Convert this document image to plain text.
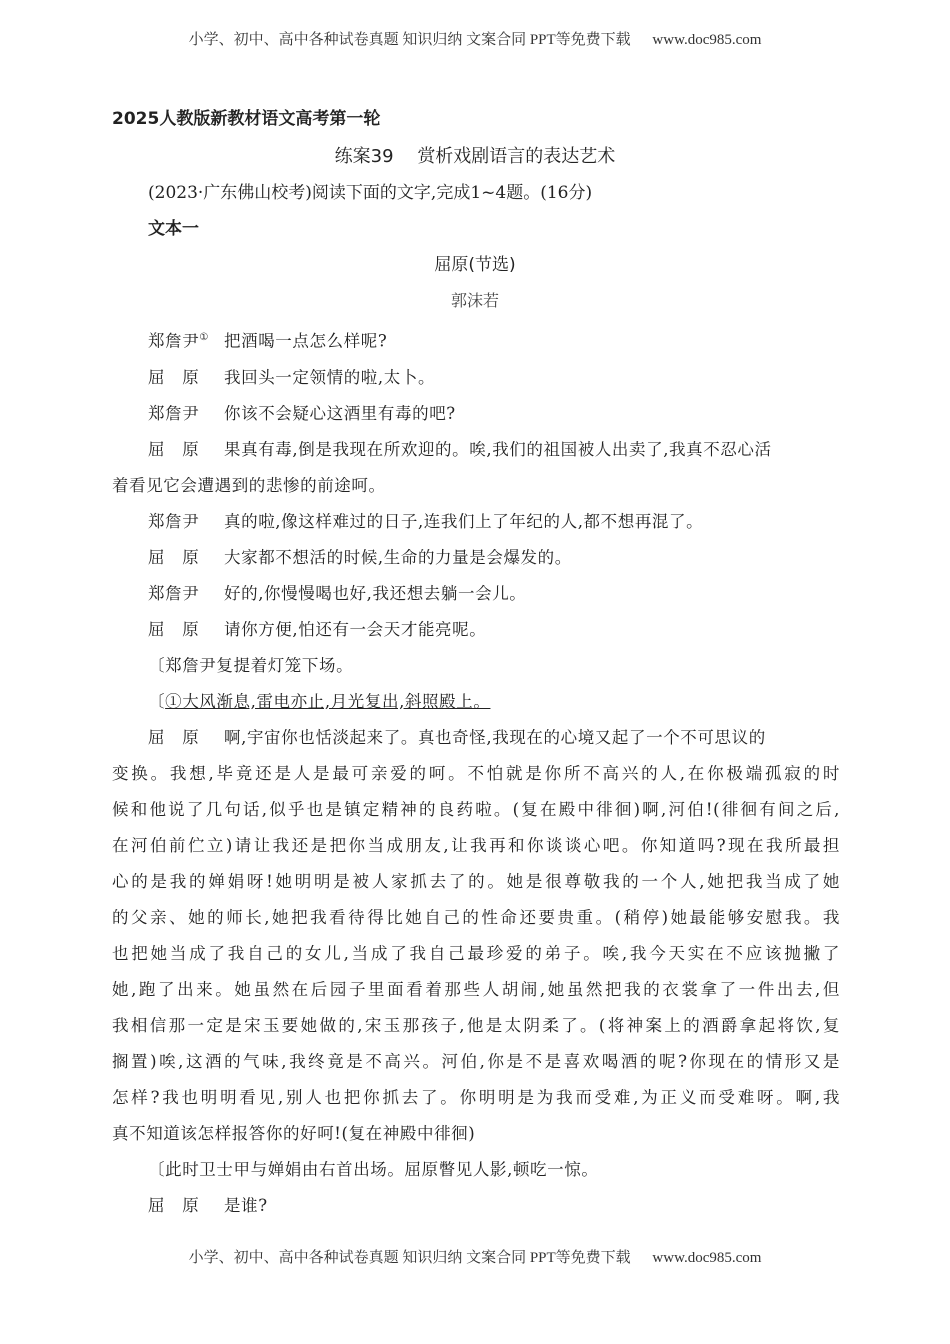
小学、初中、高中各种试卷真题 知识归纳 文案合同 PPT等免费下载 www.doc985.com
2025人教版新教材语文高考第一轮
练案39 赏析戏剧语言的表达艺术
(2023·广东佛山校考)阅读下面的文字,完成1~4题。(16分)
文本一
屈原(节选)
郭沫若

郑詹尹① 把酒喝一点怎么样呢?

屈　原 我回头一定领情的啦,太卜。

郑詹尹 你该不会疑心这酒里有毒的吧?

屈　原 果真有毒,倒是我现在所欢迎的。唉,我们的祖国被人出卖了,我真不忍心活

着看见它会遭遇到的悲惨的前途呵。

郑詹尹 真的啦,像这样难过的日子,连我们上了年纪的人,都不想再混了。

屈　原 大家都不想活的时候,生命的力量是会爆发的。

郑詹尹 好的,你慢慢喝也好,我还想去躺一会儿。

屈　原 请你方便,怕还有一会天才能亮呢。

〔郑詹尹复提着灯笼下场。

〔①大风渐息,雷电亦止,月光复出,斜照殿上。

屈　原 啊,宇宙你也恬淡起来了。真也奇怪,我现在的心境又起了一个不可思议的

变换。我想,毕竟还是人是最可亲爱的呵。不怕就是你所不高兴的人,在你极端孤寂的时

候和他说了几句话,似乎也是镇定精神的良药啦。(复在殿中徘徊)啊,河伯!(徘徊有间之后,

在河伯前伫立)请让我还是把你当成朋友,让我再和你谈谈心吧。你知道吗?现在我所最担

心的是我的婵娟呀!她明明是被人家抓去了的。她是很尊敬我的一个人,她把我当成了她

的父亲、她的师长,她把我看待得比她自己的性命还要贵重。(稍停)她最能够安慰我。我

也把她当成了我自己的女儿,当成了我自己最珍爱的弟子。唉,我今天实在不应该抛撇了

她,跑了出来。她虽然在后园子里面看着那些人胡闹,她虽然把我的衣裳拿了一件出去,但

我相信那一定是宋玉要她做的,宋玉那孩子,他是太阴柔了。(将神案上的酒爵拿起将饮,复

搁置)唉,这酒的气味,我终竟是不高兴。河伯,你是不是喜欢喝酒的呢?你现在的情形又是

怎样?我也明明看见,别人也把你抓去了。你明明是为我而受难,为正义而受难呀。啊,我

真不知道该怎样报答你的好呵!(复在神殿中徘徊)

〔此时卫士甲与婵娟由右首出场。屈原瞥见人影,顿吃一惊。

屈　原 是谁?

小学、初中、高中各种试卷真题 知识归纳 文案合同 PPT等免费下载 www.doc985.com
